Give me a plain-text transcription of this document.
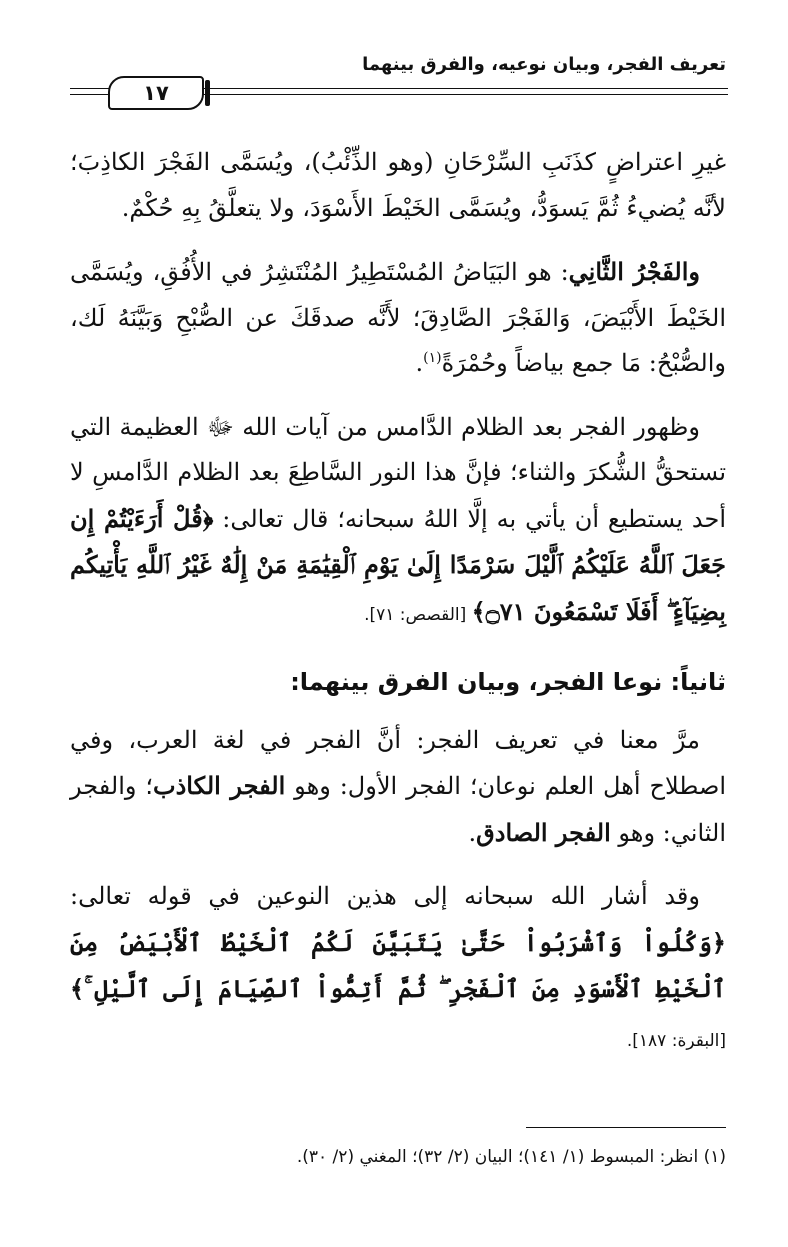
تعريف الفجر، وبيان نوعيه، والفرق بينهما
١٧

غيرِ اعتراضٍ كذَنَبِ السِّرْحَانِ (وهو الذِّئْبُ)، ويُسَمَّى الفَجْرَ الكاذِبَ؛ لأنَّه يُضيءُ ثُمَّ يَسوَدُّ، ويُسَمَّى الخَيْطَ الأَسْوَدَ، ولا يتعلَّقُ بِهِ حُكْمٌ.

والفَجْرُ الثَّانِي: هو البَيَاضُ المُسْتَطِيرُ المُنْتَشِرُ في الأُفُقِ، ويُسَمَّى الخَيْطَ الأَبْيَضَ، وَالفَجْرَ الصَّادِقَ؛ لأَنَّه صدقَكَ عن الصُّبْحِ وَبَيَّنَهُ لَك، والصُّبْحُ: مَا جمع بياضاً وحُمْرَةً$^{(١)}$.

وظهور الفجر بعد الظلام الدَّامس من آيات الله ﷻ العظيمة التي تستحقُّ الشُّكرَ والثناء؛ فإنَّ هذا النور السَّاطِعَ بعد الظلام الدَّامسِ لا أحد يستطيع أن يأتي به إلَّا اللهُ سبحانه؛ قال تعالى: ﴿قُلْ أَرَءَيْتُمْ إِن جَعَلَ ٱللَّهُ عَلَيْكُمُ ٱلَّيْلَ سَرْمَدًا إِلَىٰ يَوْمِ ٱلْقِيَٰمَةِ مَنْ إِلَٰهٌ غَيْرُ ٱللَّهِ يَأْتِيكُم بِضِيَآءٍ ۖ أَفَلَا تَسْمَعُونَ ۝٧١﴾ [القصص: ٧١].

ثانياً: نوعا الفجر، وبيان الفرق بينهما:

مرَّ معنا في تعريف الفجر: أنَّ الفجر في لغة العرب، وفي اصطلاح أهل العلم نوعان؛ الفجر الأول: وهو الفجر الكاذب؛ والفجر الثاني: وهو الفجر الصادق.

وقد أشار الله سبحانه إلى هذين النوعين في قوله تعالى: ﴿وَكُلُواْ وَٱشْرَبُواْ حَتَّىٰ يَتَبَيَّنَ لَكُمُ ٱلْخَيْطُ ٱلْأَبْيَضُ مِنَ ٱلْخَيْطِ ٱلْأَسْوَدِ مِنَ ٱلْفَجْرِ ۖ ثُمَّ أَتِمُّواْ ٱلصِّيَامَ إِلَى ٱلَّيْلِ ۚ﴾ [البقرة: ١٨٧].

(١) انظر: المبسوط (١/ ١٤١)؛ البيان (٢/ ٣٢)؛ المغني (٢/ ٣٠).
